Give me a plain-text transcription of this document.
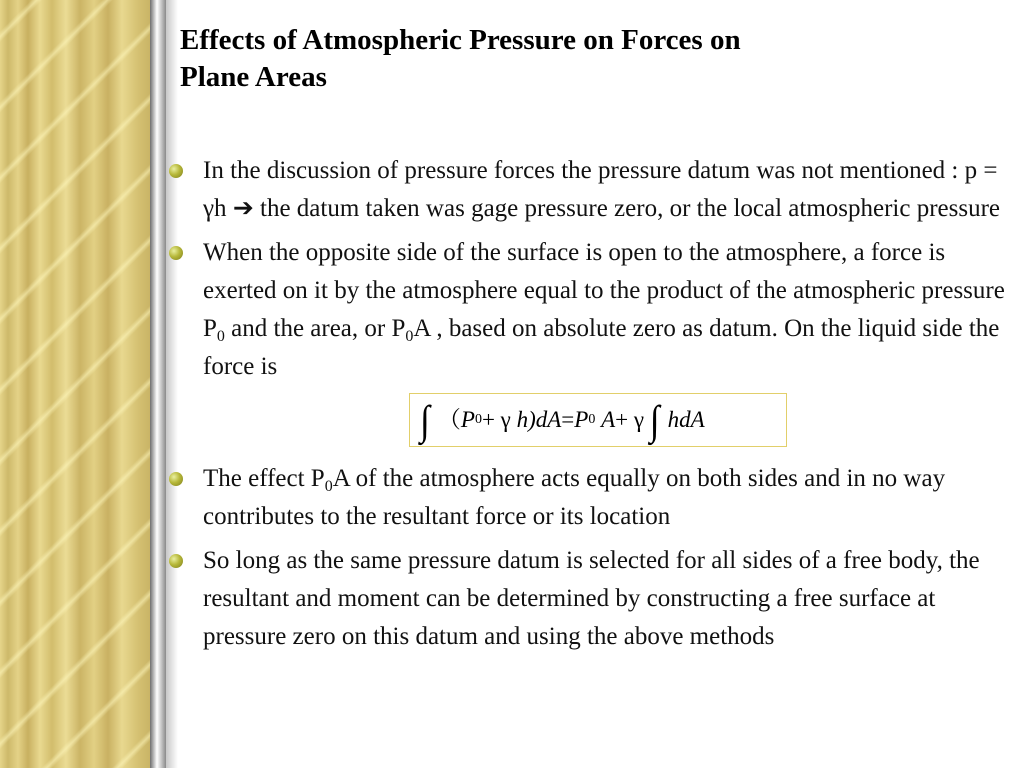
Effects of Atmospheric Pressure on Forces on
Plane Areas
In the discussion of pressure forces the pressure datum was not mentioned : p = γh ➔ the datum taken was gage pressure zero, or the local atmospheric pressure
When the opposite side of the surface is open to the atmosphere, a force is exerted on it by the atmosphere equal to the product of the atmospheric pressure $P_0$ and the area, or $P_0A$ , based on absolute zero as datum. On the liquid side the force is
∫ （ P 0 + γ
h )dA = P 0
A + γ
∫ hdA
The effect $P_0A$ of the atmosphere acts equally on both sides and in no way contributes to the resultant force or its location
So long as the same pressure datum is selected for all sides of a free body, the resultant and moment can be determined by constructing a free surface at pressure zero on this datum and using the above methods
